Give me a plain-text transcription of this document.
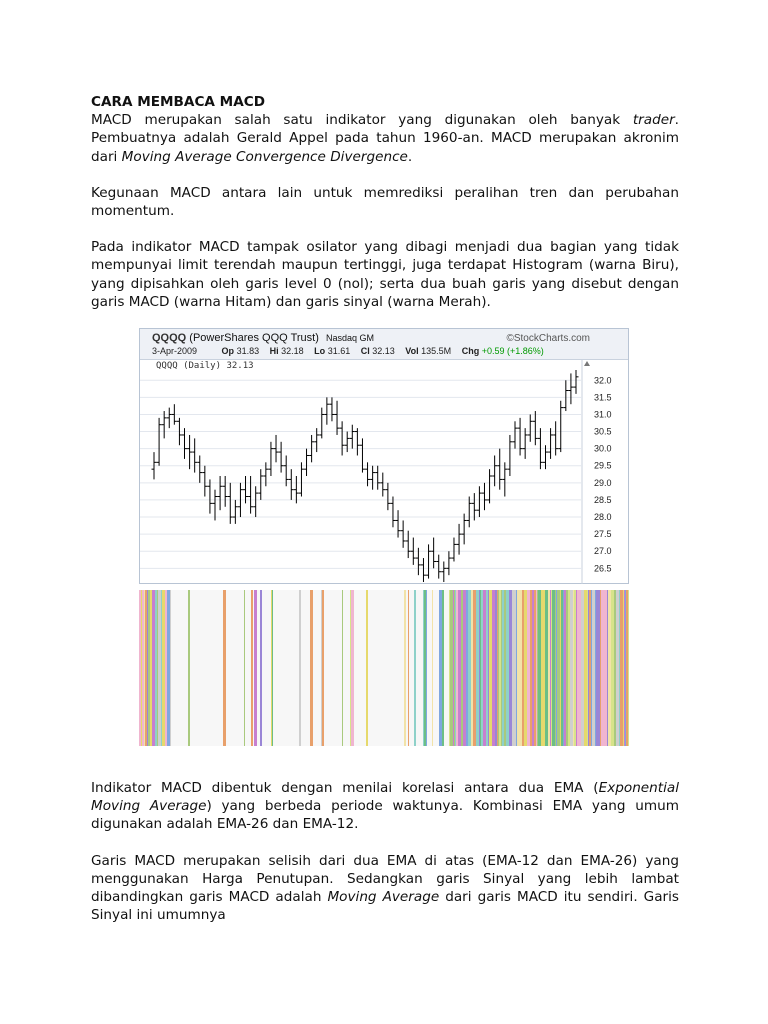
CARA MEMBACA MACD

MACD merupakan salah satu indikator yang digunakan oleh banyak trader. Pembuatnya adalah Gerald Appel pada tahun 1960-an. MACD merupakan akronim dari Moving Average Convergence Divergence.

Kegunaan MACD antara lain untuk memrediksi peralihan tren dan perubahan momentum.

Pada indikator MACD tampak osilator yang dibagi menjadi dua bagian yang tidak mempunyai limit terendah maupun tertinggi, juga terdapat Histogram (warna Biru), yang dipisahkan oleh garis level 0 (nol); serta dua buah garis yang disebut dengan garis MACD (warna Hitam) dan garis sinyal (warna Merah).

QQQQ (PowerShares QQQ Trust) Nasdaq GM	©StockCharts.com
3-Apr-2009	Op 31.83 Hi 32.18 Lo 31.61 Cl 32.13 Vol 135.5M Chg +0.59 (+1.86%)
QQQQ (Daily) 32.13
32.0
31.5
31.0
30.5
30.0
29.5
29.0
28.5
28.0
27.5
27.0
26.5

Indikator MACD dibentuk dengan menilai korelasi antara dua EMA (Exponential Moving Average) yang berbeda periode waktunya. Kombinasi EMA yang umum digunakan adalah EMA-26 dan EMA-12.

Garis MACD merupakan selisih dari dua EMA di atas (EMA-12 dan EMA-26) yang menggunakan Harga Penutupan. Sedangkan garis Sinyal yang lebih lambat dibandingkan garis MACD adalah Moving Average dari garis MACD itu sendiri. Garis Sinyal ini umumnya
